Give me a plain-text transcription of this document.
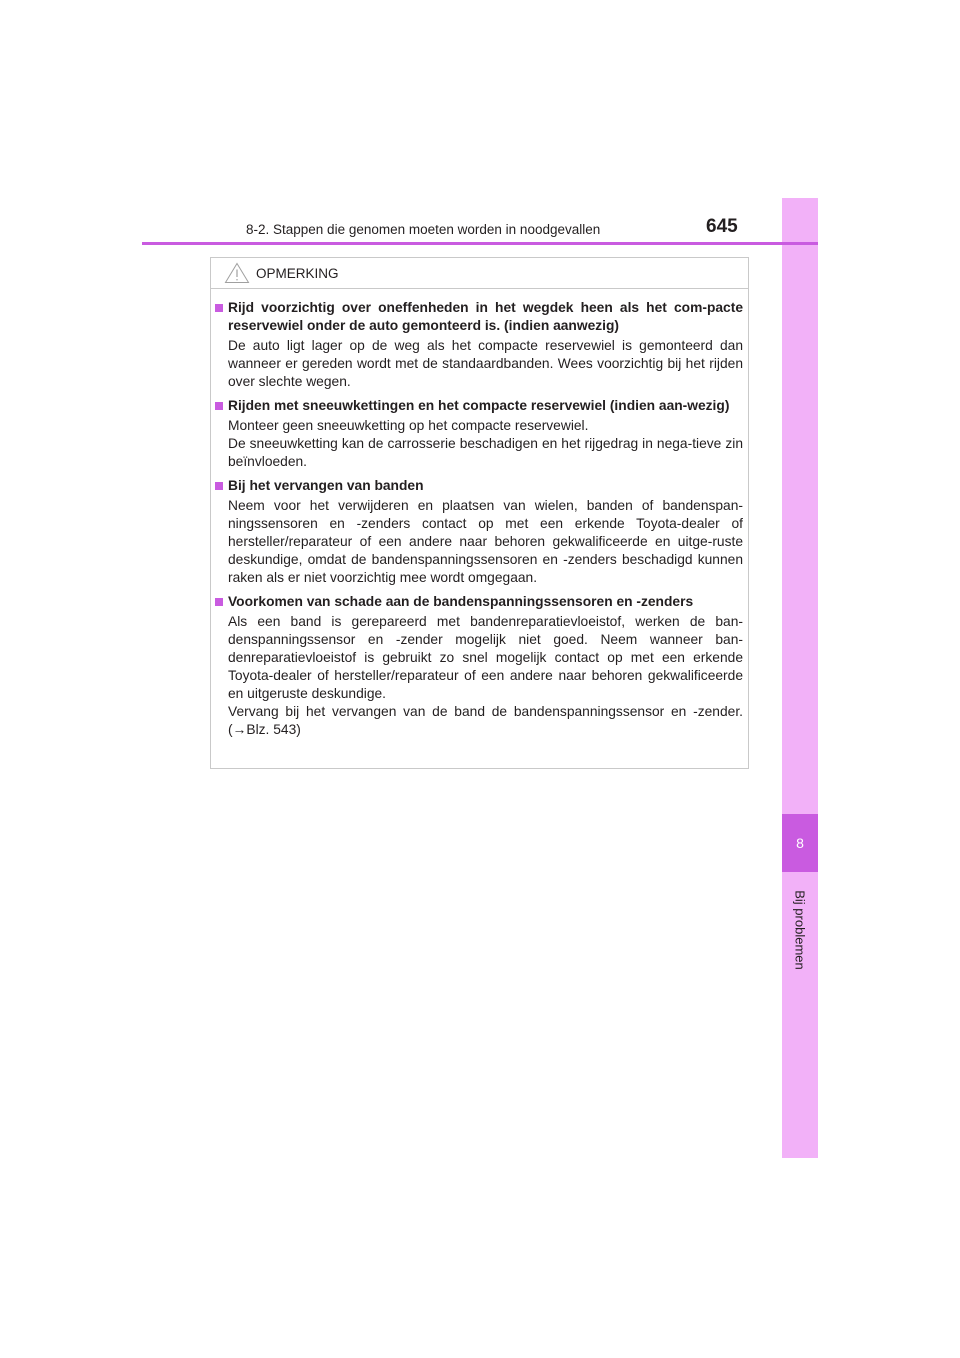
8
Bij problemen
8-2. Stappen die genomen moeten worden in noodgevallen	645
OPMERKING
Rijd voorzichtig over oneffenheden in het wegdek heen als het com-pacte reservewiel onder de auto gemonteerd is. (indien aanwezig)

De auto ligt lager op de weg als het compacte reservewiel is gemonteerd dan wanneer er gereden wordt met de standaardbanden. Wees voorzichtig bij het rijden over slechte wegen.

Rijden met sneeuwkettingen en het compacte reservewiel (indien aan-wezig)

Monteer geen sneeuwketting op het compacte reservewiel.

De sneeuwketting kan de carrosserie beschadigen en het rijgedrag in nega-tieve zin beïnvloeden.

Bij het vervangen van banden

Neem voor het verwijderen en plaatsen van wielen, banden of bandenspan-ningssensoren en -zenders contact op met een erkende Toyota-dealer of hersteller/reparateur of een andere naar behoren gekwalificeerde en uitge-ruste deskundige, omdat de bandenspanningssensoren en -zenders beschadigd kunnen raken als er niet voorzichtig mee wordt omgegaan.

Voorkomen van schade aan de bandenspanningssensoren en -zenders

Als een band is gerepareerd met bandenreparatievloeistof, werken de ban-denspanningssensor en -zender mogelijk niet goed. Neem wanneer ban-denreparatievloeistof is gebruikt zo snel mogelijk contact op met een erkende Toyota-dealer of hersteller/reparateur of een andere naar behoren gekwalificeerde en uitgeruste deskundige.

Vervang bij het vervangen van de band de bandenspanningssensor en -zender. (→Blz. 543)
